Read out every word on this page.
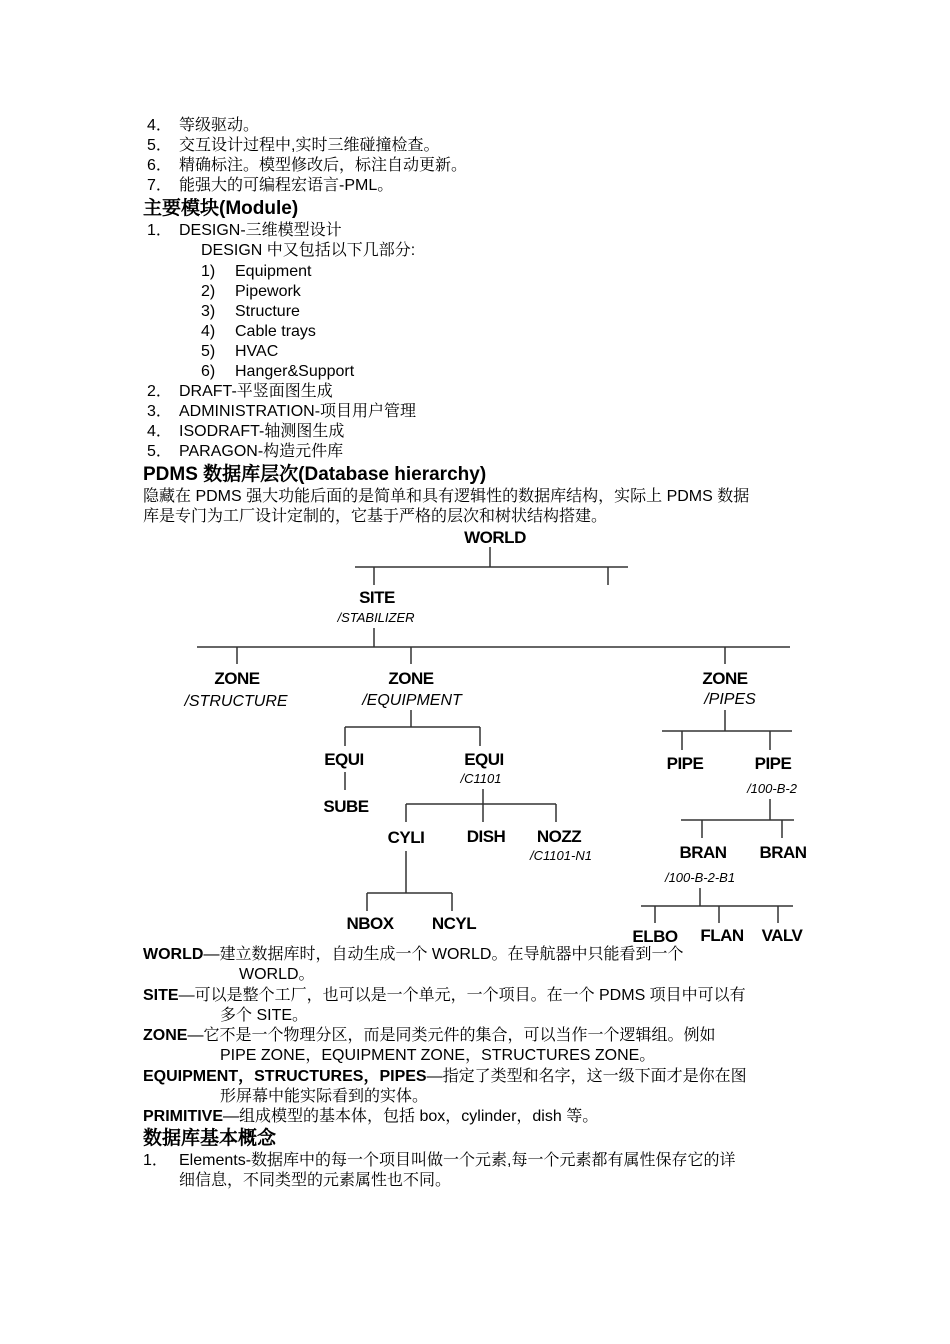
4． 等级驱动。
5． 交互设计过程中,实时三维碰撞检查。
6． 精确标注。模型修改后，标注自动更新。
7． 能强大的可编程宏语言-PML。
主要模块(Module)
1． DESIGN-三维模型设计
DESIGN 中又包括以下几部分:
1) Equipment
2) Pipework
3) Structure
4) Cable trays
5) HVAC
6) Hanger&Support
2． DRAFT-平竖面图生成
3． ADMINISTRATION-项目用户管理
4． ISODRAFT-轴测图生成
5． PARAGON-构造元件库
PDMS 数据库层次(Database hierarchy)
隐藏在 PDMS 强大功能后面的是简单和具有逻辑性的数据库结构，实际上 PDMS 数据
库是专门为工厂设计定制的，它基于严格的层次和树状结构搭建。
WORLD
SITE
/STABILIZER
ZONE
/STRUCTURE
ZONE
/EQUIPMENT
ZONE
/PIPES
EQUI
SUBE
EQUI
/C1101
CYLI DISH NOZZ
/C1101-N1
NBOX NCYL
PIPE	PIPE
/100-B-2
BRAN
/100-B-2-B1
BRAN
ELBO FLAN VALV
WORLD—建立数据库时，自动生成一个 WORLD。在导航器中只能看到一个
WORLD。
SITE—可以是整个工厂，也可以是一个单元，一个项目。在一个 PDMS 项目中可以有
多个 SITE。
ZONE—它不是一个物理分区，而是同类元件的集合，可以当作一个逻辑组。例如
PIPE ZONE，EQUIPMENT ZONE，STRUCTURES ZONE。
EQUIPMENT，STRUCTURES，PIPES—指定了类型和名字，这一级下面才是你在图
形屏幕中能实际看到的实体。
PRIMITIVE—组成模型的基本体，包括 box，cylinder，dish 等。
数据库基本概念
1． Elements-数据库中的每一个项目叫做一个元素,每一个元素都有属性保存它的详
细信息，不同类型的元素属性也不同。
